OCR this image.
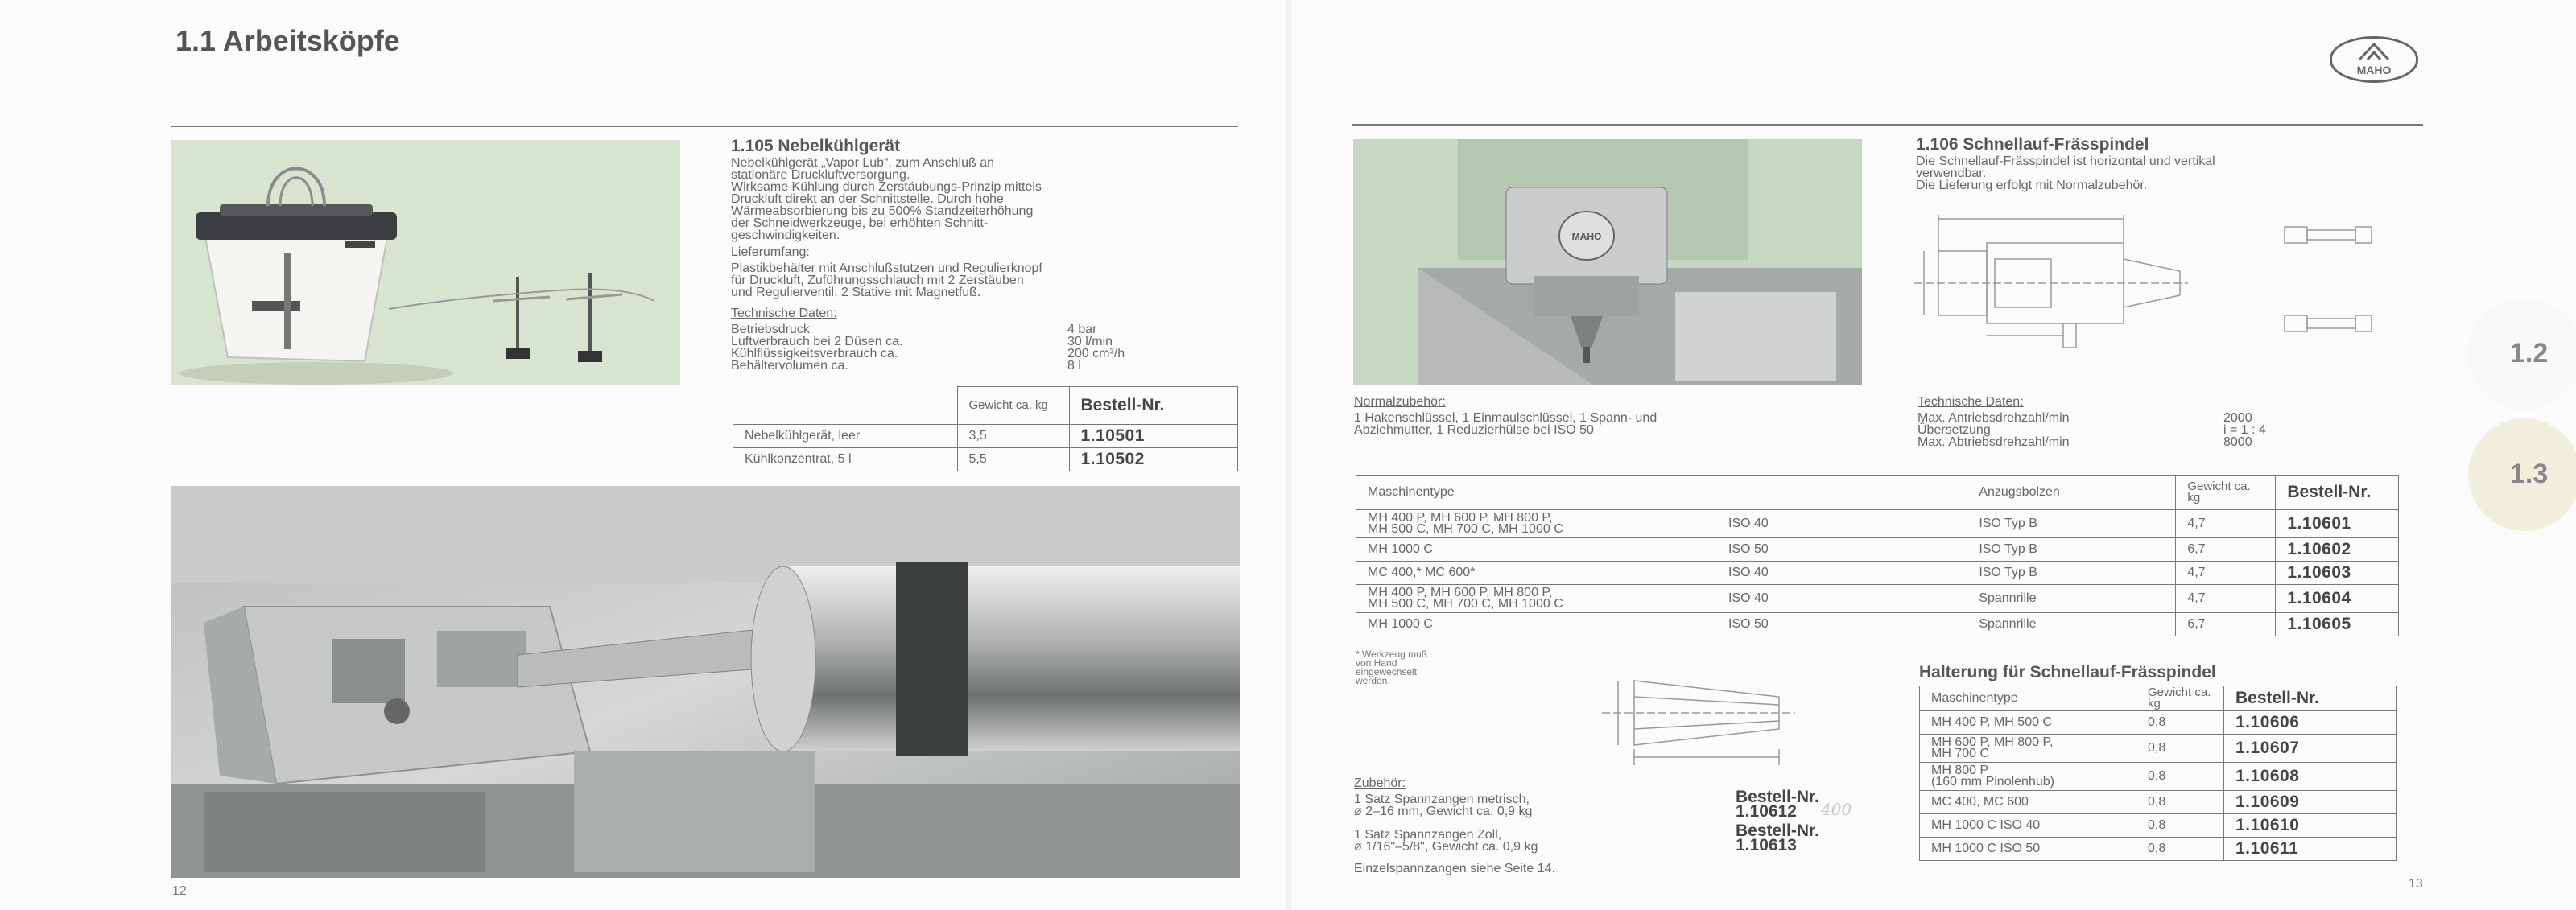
1.1 Arbeitsköpfe
1.105 Nebelkühlgerät
Nebelkühlgerät „Vapor Lub“, zum Anschluß an
stationäre Druckluftversorgung.
Wirksame Kühlung durch Zerstäubungs-Prinzip mittels
Druckluft direkt an der Schnittstelle. Durch hohe
Wärmeabsorbierung bis zu 500% Standzeiterhöhung
der Schneidwerkzeuge, bei erhöhten Schnitt-
geschwindigkeiten.
Lieferumfang:
Plastikbehälter mit Anschlußstutzen und Regulierknopf
für Druckluft, Zuführungsschlauch mit 2 Zerstäuben
und Regulierventil, 2 Stative mit Magnetfuß.
Technische Daten:
Betriebsdruck	4 bar
Luftverbrauch bei 2 Düsen ca.	30 l/min
Kühlflüssigkeitsverbrauch ca.	200 cm³/h
Behältervolumen ca.	8 l
	Gewicht ca. kg	Bestell-Nr.
Nebelkühlgerät, leer	3,5	1.10501
Kühlkonzentrat, 5 l	5,5	1.10502
12
MAHO
MAHO
1.106 Schnellauf-Frässpindel
Die Schnellauf-Frässpindel ist horizontal und vertikal
verwendbar.
Die Lieferung erfolgt mit Normalzubehör.
Normalzubehör:
1 Hakenschlüssel, 1 Einmaulschlüssel, 1 Spann- und
Abziehmutter, 1 Reduzierhülse bei ISO 50
Technische Daten:
Max. Antriebsdrehzahl/min	2000
Übersetzung	i = 1 : 4
Max. Abtriebsdrehzahl/min	8000
Maschinentype		Anzugsbolzen	Gewicht ca. kg	Bestell-Nr.

MH 400 P, MH 600 P, MH 800 P,
MH 500 C, MH 700 C, MH 1000 C	ISO 40	ISO Typ B	4,7	1.10601
MH 1000 C	ISO 50	ISO Typ B	6,7	1.10602
MC 400,* MC 600*	ISO 40	ISO Typ B	4,7	1.10603

MH 400 P, MH 600 P, MH 800 P,
MH 500 C, MH 700 C, MH 1000 C	ISO 40	Spannrille	4,7	1.10604
MH 1000 C	ISO 50	Spannrille	6,7	1.10605
* Werkzeug muß
von Hand
eingewechselt
werden.	Halterung für Schnellauf-Frässpindel
Maschinentype	Gewicht ca. kg	Bestell-Nr.
MH 400 P, MH 500 C	0,8	1.10606

MH 600 P, MH 800 P,
MH 700 C	0,8	1.10607

MH 800 P
(160 mm Pinolenhub)	0,8	1.10608
MC 400, MC 600	0,8	1.10609
MH 1000 C ISO 40	0,8	1.10610
MH 1000 C ISO 50	0,8	1.10611
Zubehör:
1 Satz Spannzangen metrisch,
ø 2–16 mm, Gewicht ca. 0,9 kg
Bestell-Nr.
1.10612	400
1 Satz Spannzangen Zoll,
ø 1/16"–5/8", Gewicht ca. 0,9 kg
Bestell-Nr.
1.10613
Einzelspannzangen siehe Seite 14.
1.2
1.3
13
